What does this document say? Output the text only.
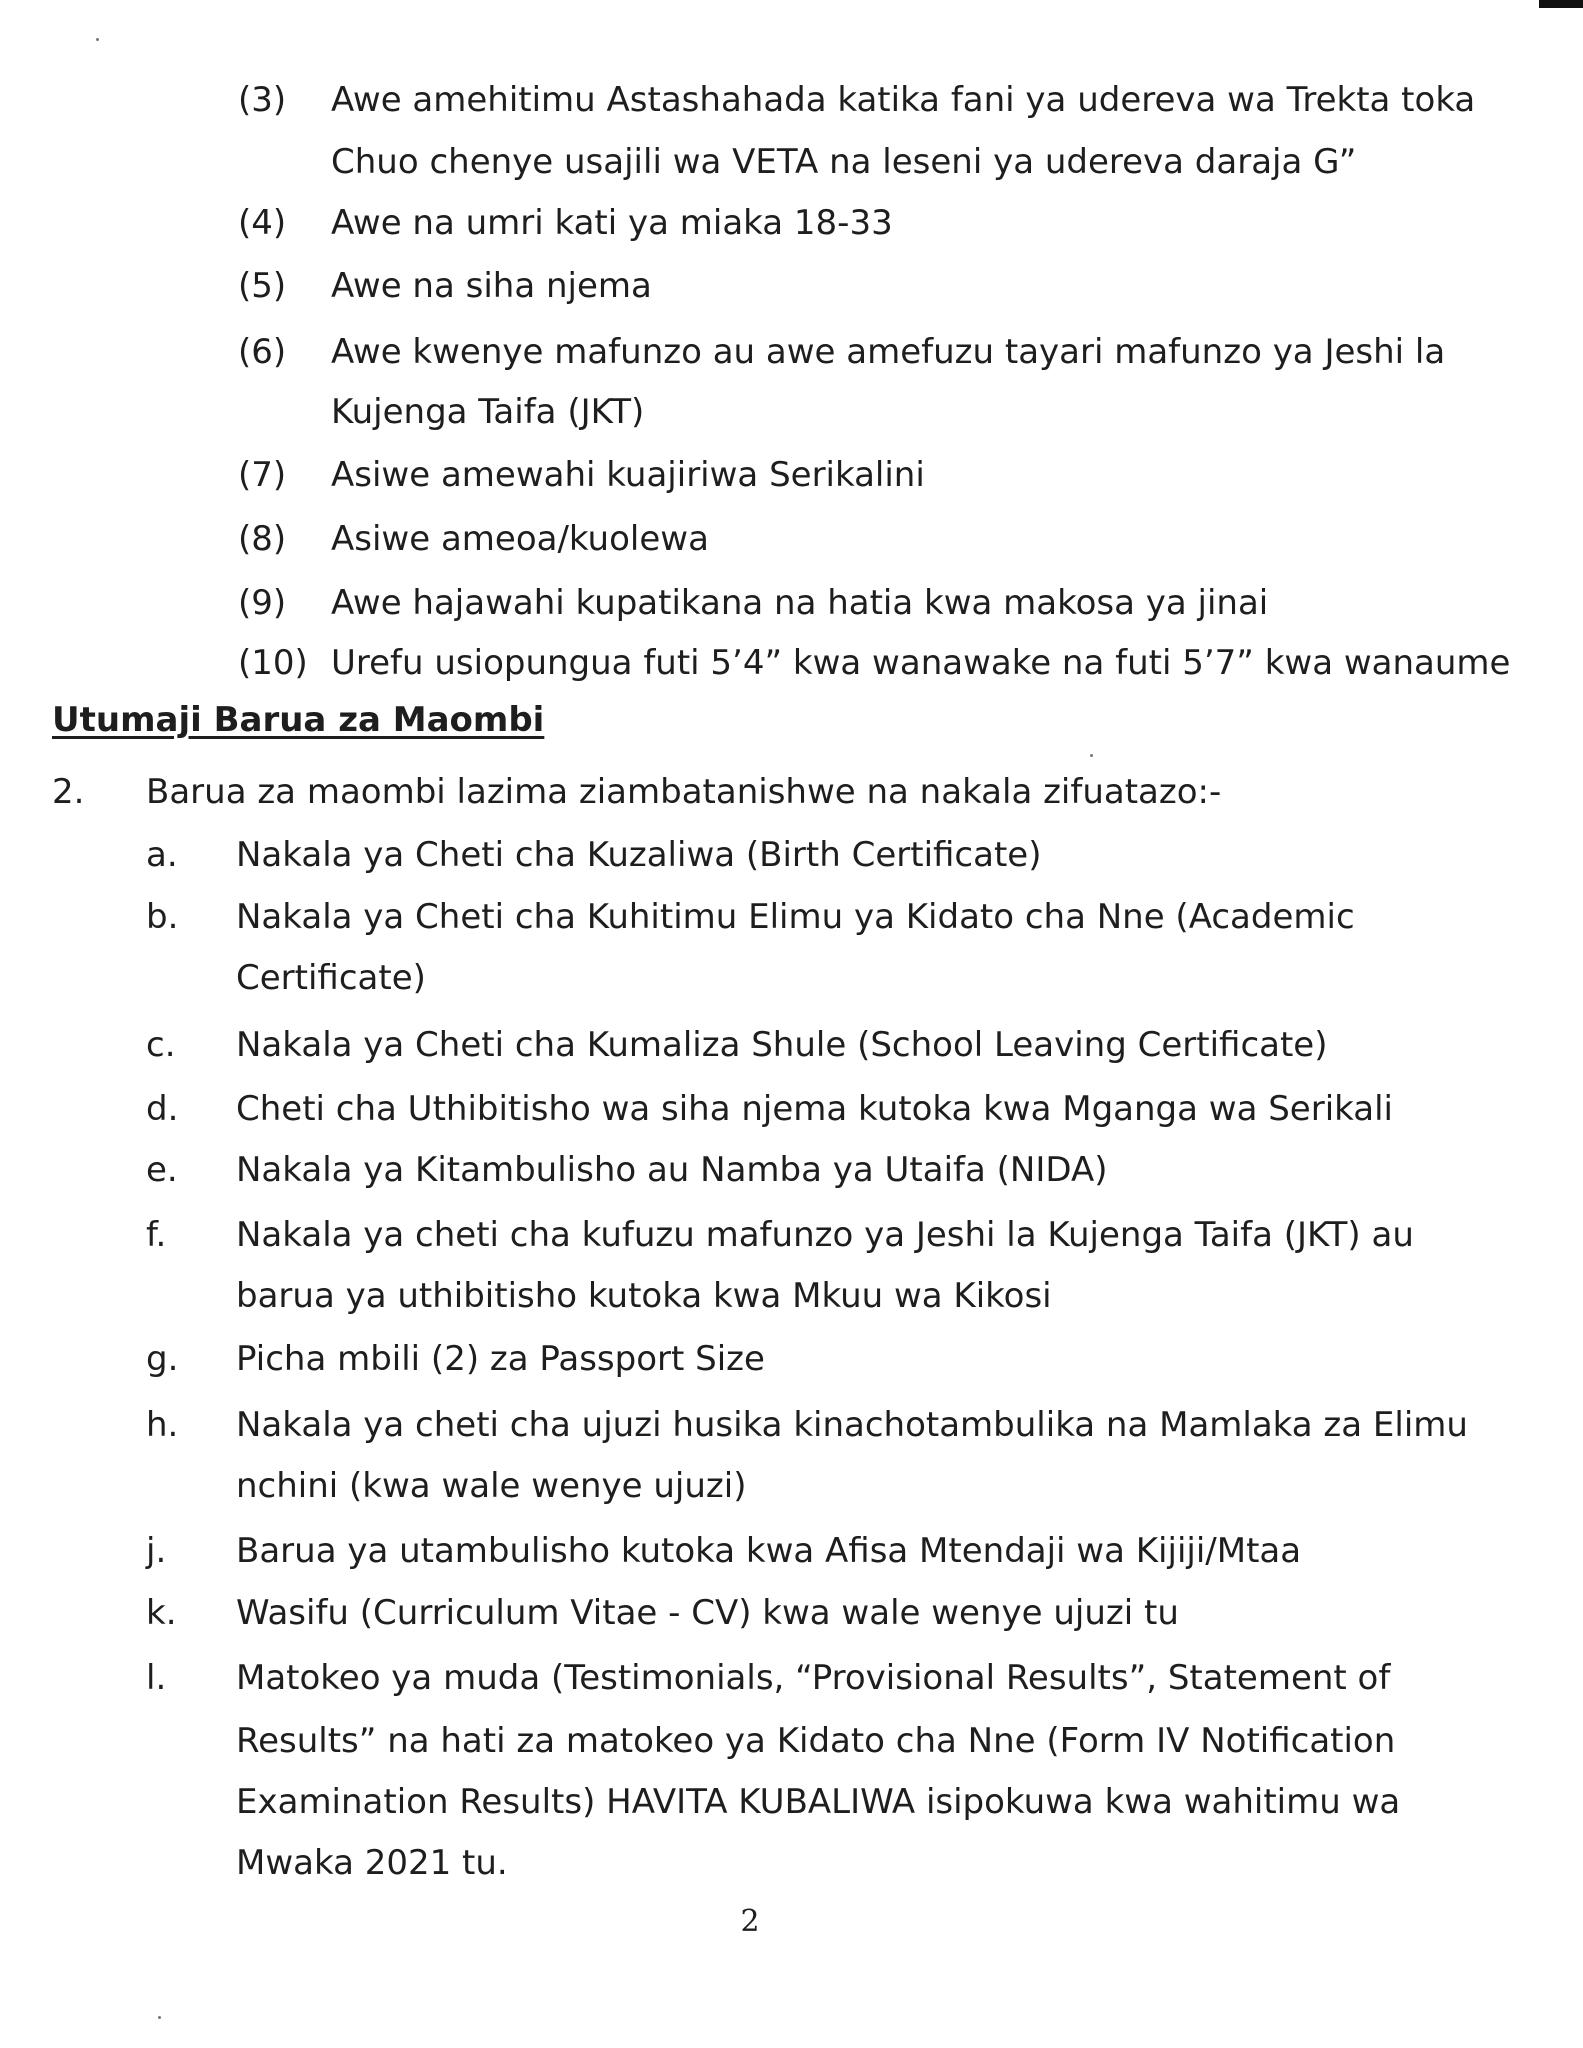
(3) Awe amehitimu Astashahada katika fani ya udereva wa Trekta toka
Chuo chenye usajili wa VETA na leseni ya udereva daraja G”
(4) Awe na umri kati ya miaka 18-33
(5) Awe na siha njema
(6) Awe kwenye mafunzo au awe amefuzu tayari mafunzo ya Jeshi la
Kujenga Taifa (JKT)
(7) Asiwe amewahi kuajiriwa Serikalini
(8) Asiwe ameoa/kuolewa
(9) Awe hajawahi kupatikana na hatia kwa makosa ya jinai
(10) Urefu usiopungua futi 5’4” kwa wanawake na futi 5’7” kwa wanaume
Utumaji Barua za Maombi
2. Barua za maombi lazima ziambatanishwe na nakala zifuatazo:-
a. Nakala ya Cheti cha Kuzaliwa (Birth Certificate)
b. Nakala ya Cheti cha Kuhitimu Elimu ya Kidato cha Nne (Academic
Certificate)
c. Nakala ya Cheti cha Kumaliza Shule (School Leaving Certificate)
d. Cheti cha Uthibitisho wa siha njema kutoka kwa Mganga wa Serikali
e. Nakala ya Kitambulisho au Namba ya Utaifa (NIDA)
f. Nakala ya cheti cha kufuzu mafunzo ya Jeshi la Kujenga Taifa (JKT) au
barua ya uthibitisho kutoka kwa Mkuu wa Kikosi
g. Picha mbili (2) za Passport Size
h. Nakala ya cheti cha ujuzi husika kinachotambulika na Mamlaka za Elimu
nchini (kwa wale wenye ujuzi)
j. Barua ya utambulisho kutoka kwa Afisa Mtendaji wa Kijiji/Mtaa
k. Wasifu (Curriculum Vitae - CV) kwa wale wenye ujuzi tu
l. Matokeo ya muda (Testimonials, “Provisional Results”, Statement of
Results” na hati za matokeo ya Kidato cha Nne (Form IV Notification
Examination Results) HAVITA KUBALIWA isipokuwa kwa wahitimu wa
Mwaka 2021 tu.
2
